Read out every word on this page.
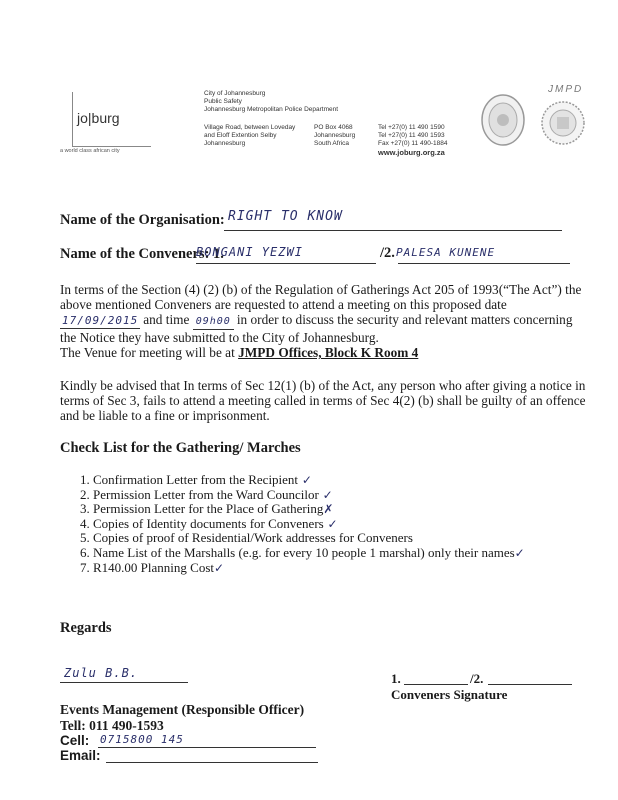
jo|burg
a world class african city
City of Johannesburg
Public Safety
Johannesburg Metropolitan Police Department
Village Road, between Loveday
and Eloff Extention Selby
Johannesburg
PO Box 4068
Johannesburg
South Africa
Tel +27(0) 11 490 1590
Tel +27(0) 11 490 1593
Fax +27(0) 11 490-1884
www.joburg.org.za
JMPD
Name of the Organisation: RIGHT TO KNOW
Name of the Conveners: 1.
BONGANI YEZWI	/2. PALESA KUNENE
In terms of the Section (4) (2) (b) of the Regulation of Gatherings Act 205 of 1993(“The Act”) the above mentioned Conveners are requested to attend a meeting on this proposed date 17/09/2015 and time 09h00 in order to discuss the security and relevant matters concerning the Notice they have submitted to the City of Johannesburg.
The Venue for meeting will be at JMPD Offices, Block K Room 4
Kindly be advised that In terms of Sec 12(1) (b) of the Act, any person who after giving a notice in terms of Sec 3, fails to attend a meeting called in terms of Sec 4(2) (b) shall be guilty of an offence and be liable to a fine or imprisonment.
Check List for the Gathering/ Marches
1. Confirmation Letter from the Recipient ✓
2. Permission Letter from the Ward Councilor ✓
3. Permission Letter for the Place of Gathering✗
4. Copies of Identity documents for Conveners ✓
5. Copies of proof of Residential/Work addresses for Conveners
6. Name List of the Marshalls (e.g. for every 10 people 1 marshal) only their names✓
7. R140.00 Planning Cost✓
Regards
Zulu B.B.	1.	/2.
Conveners Signature
Events Management (Responsible Officer)
Tell: 011 490-1593
Cell: 0715800 145
Email:
